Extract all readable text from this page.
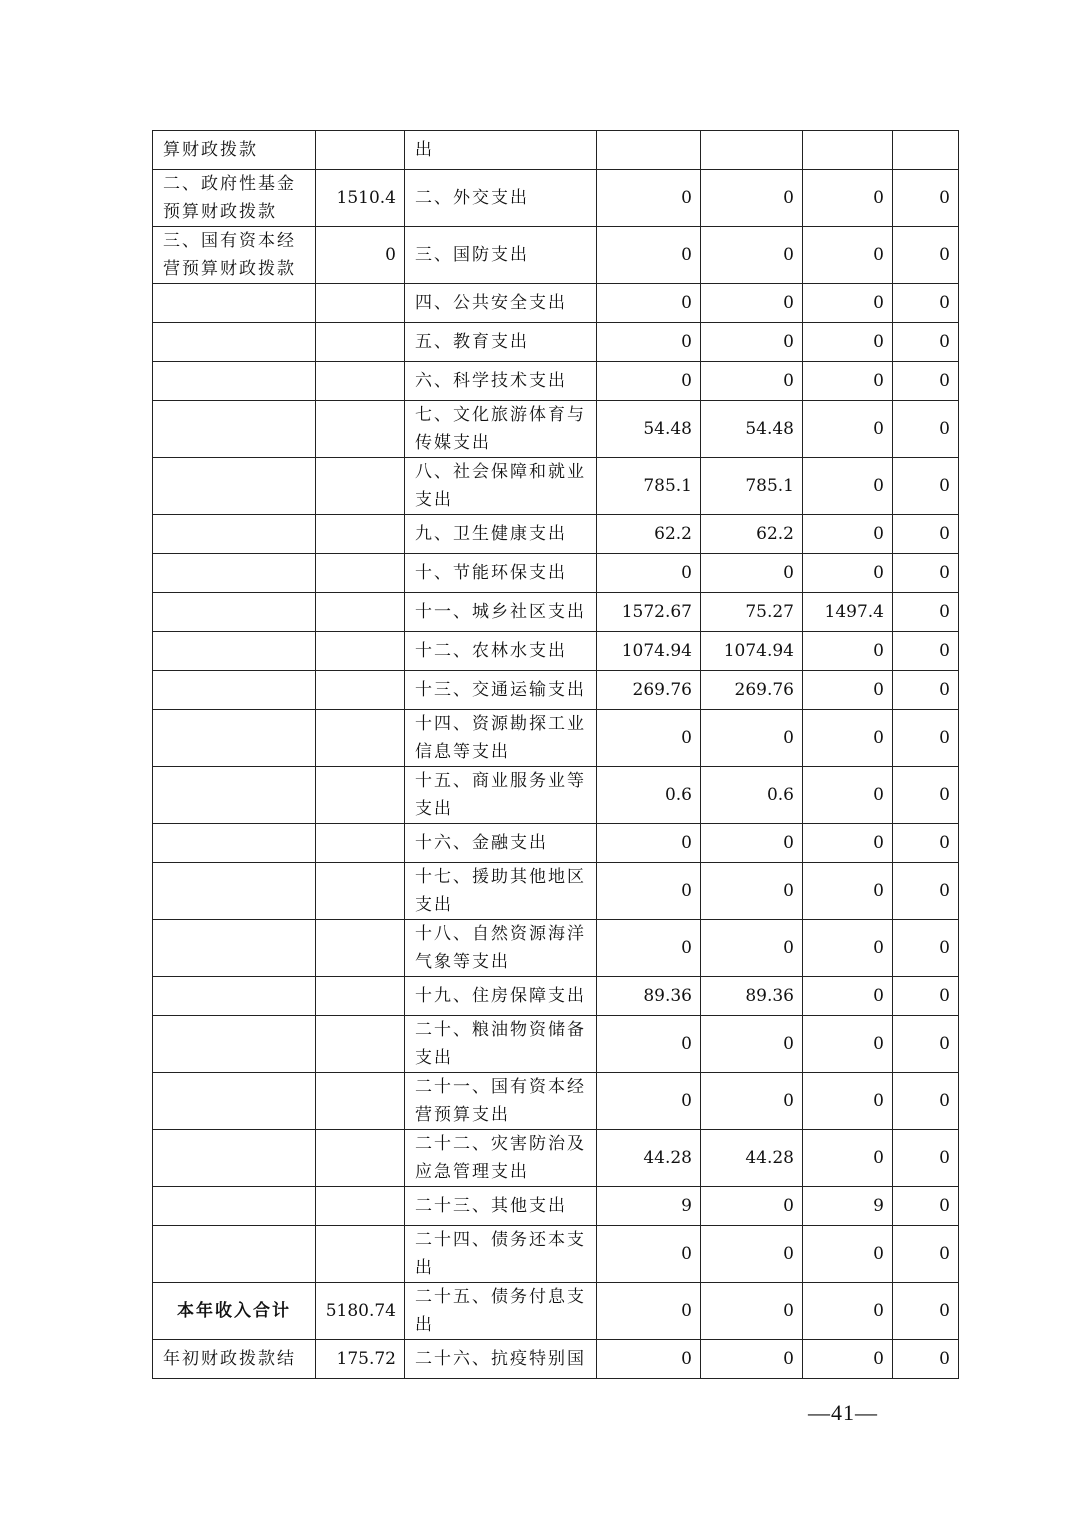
算财政拨款		出				
二、政府性基金预算财政拨款	1510.4	二、外交支出	0	0	0	0
三、国有资本经营预算财政拨款	0	三、国防支出	0	0	0	0
		四、公共安全支出	0	0	0	0
		五、教育支出	0	0	0	0
		六、科学技术支出	0	0	0	0
		七、文化旅游体育与传媒支出	54.48	54.48	0	0
		八、社会保障和就业支出	785.1	785.1	0	0
		九、卫生健康支出	62.2	62.2	0	0
		十、节能环保支出	0	0	0	0
		十一、城乡社区支出	1572.67	75.27	1497.4	0
		十二、农林水支出	1074.94	1074.94	0	0
		十三、交通运输支出	269.76	269.76	0	0
		十四、资源勘探工业信息等支出	0	0	0	0
		十五、商业服务业等支出	0.6	0.6	0	0
		十六、金融支出	0	0	0	0
		十七、援助其他地区支出	0	0	0	0
		十八、自然资源海洋气象等支出	0	0	0	0
		十九、住房保障支出	89.36	89.36	0	0
		二十、粮油物资储备支出	0	0	0	0
		二十一、国有资本经营预算支出	0	0	0	0
		二十二、灾害防治及应急管理支出	44.28	44.28	0	0
		二十三、其他支出	9	0	9	0
		二十四、债务还本支出	0	0	0	0
本年收入合计	5180.74	二十五、债务付息支出	0	0	0	0
年初财政拨款结	175.72	二十六、抗疫特别国	0	0	0	0
—41—
